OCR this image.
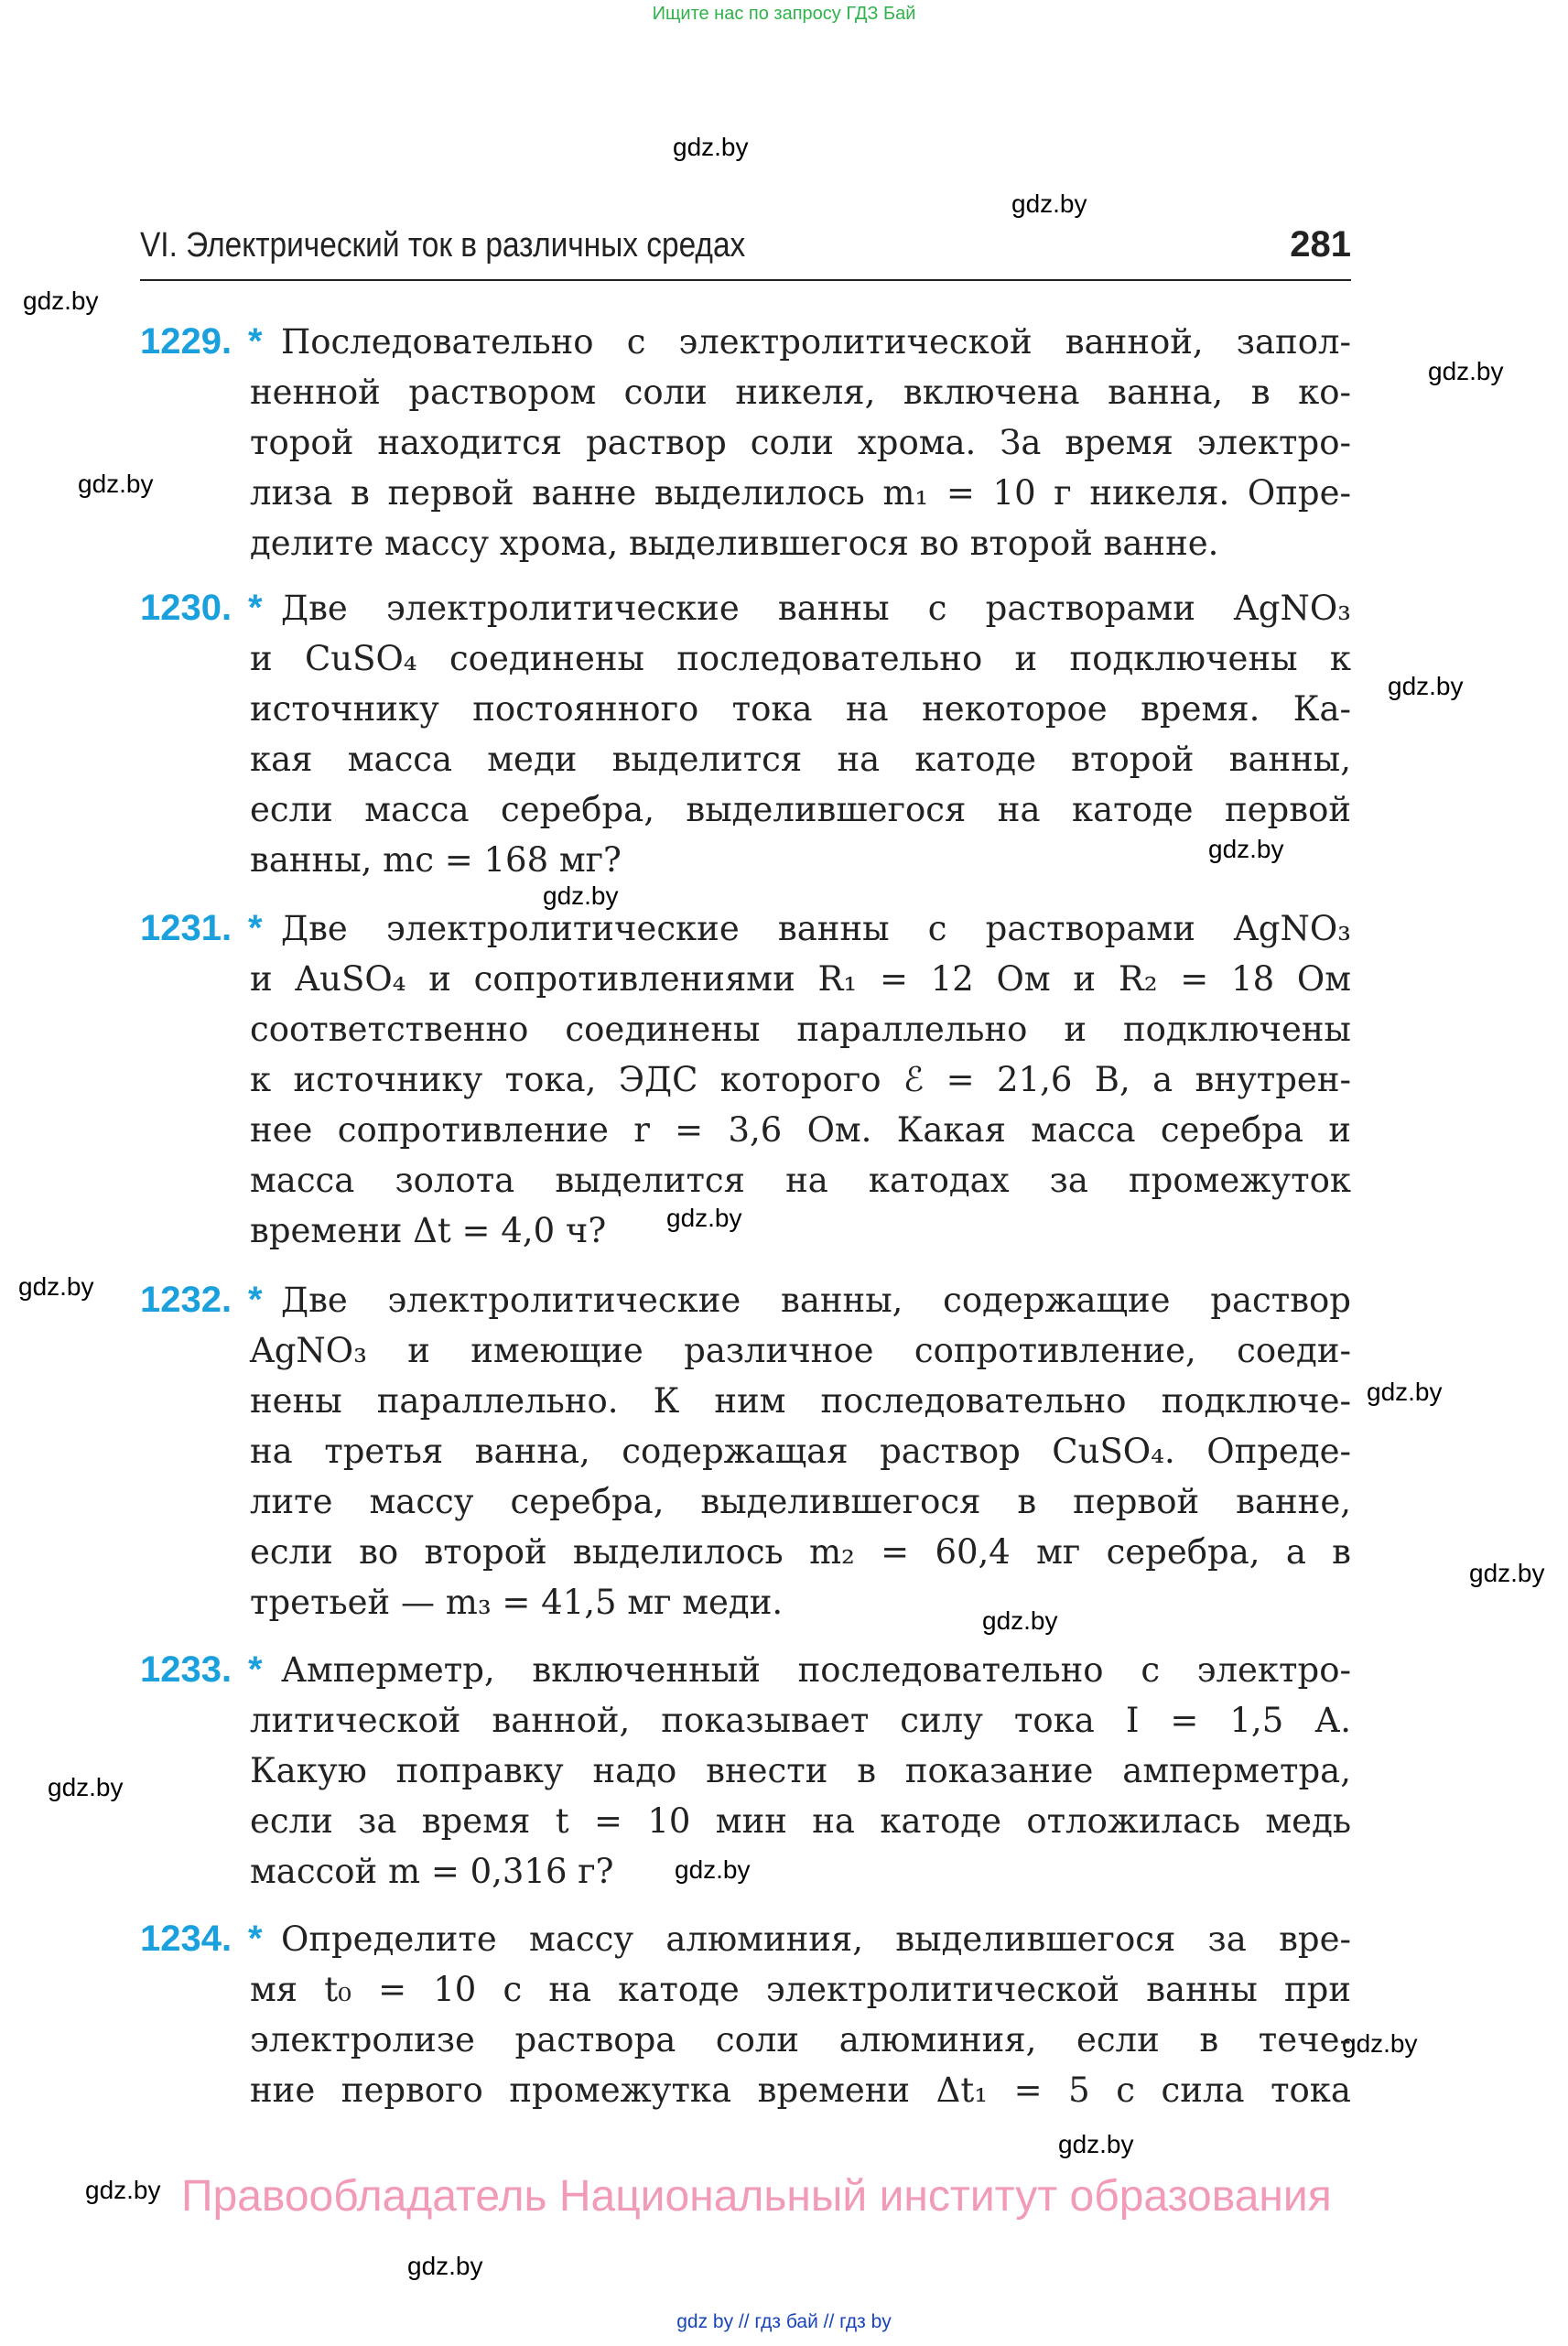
Ищите нас по запросу ГДЗ Бай
gdz.by
gdz.by
gdz.by
gdz.by
gdz.by
gdz.by
gdz.by
gdz.by
gdz.by
gdz.by
gdz.by
gdz.by
gdz.by
gdz.by
gdz.by
gdz.by
gdz.by
gdz.by
gdz.by
VI. Электрический ток в различных средах	281
1229. * Последовательно с электролитической ванной, запол-
ненной раствором соли никеля, включена ванна, в ко-
торой находится раствор соли хрома. За время электро-
лиза в первой ванне выделилось m₁ = 10 г никеля. Опре-
делите массу хрома, выделившегося во второй ванне.
1230. * Две электролитические ванны с растворами AgNO₃
и CuSO₄ соединены последовательно и подключены к
источнику постоянного тока на некоторое время. Ка-
кая масса меди выделится на катоде второй ванны,
если масса серебра, выделившегося на катоде первой
ванны, mс = 168 мг?
1231. * Две электролитические ванны с растворами AgNO₃
и AuSO₄ и сопротивлениями R₁ = 12 Ом и R₂ = 18 Ом
соответственно соединены параллельно и подключены
к источнику тока, ЭДС которого ℰ = 21,6 В, а внутрен-
нее сопротивление r = 3,6 Ом. Какая масса серебра и
масса золота выделится на катодах за промежуток
времени Δt = 4,0 ч?
1232. * Две электролитические ванны, содержащие раствор
AgNO₃ и имеющие различное сопротивление, соеди-
нены параллельно. К ним последовательно подключе-
на третья ванна, содержащая раствор CuSO₄. Опреде-
лите массу серебра, выделившегося в первой ванне,
если во второй выделилось m₂ = 60,4 мг серебра, а в
третьей — m₃ = 41,5 мг меди.
1233. * Амперметр, включенный последовательно с электро-
литической ванной, показывает силу тока I = 1,5 А.
Какую поправку надо внести в показание амперметра,
если за время t = 10 мин на катоде отложилась медь
массой m = 0,316 г?
1234. * Определите массу алюминия, выделившегося за вре-
мя t₀ = 10 с на катоде электролитической ванны при
электролизе раствора соли алюминия, если в тече-
ние первого промежутка времени Δt₁ = 5 с сила тока
Правообладатель Национальный институт образования
gdz by // гдз бай // гдз by
